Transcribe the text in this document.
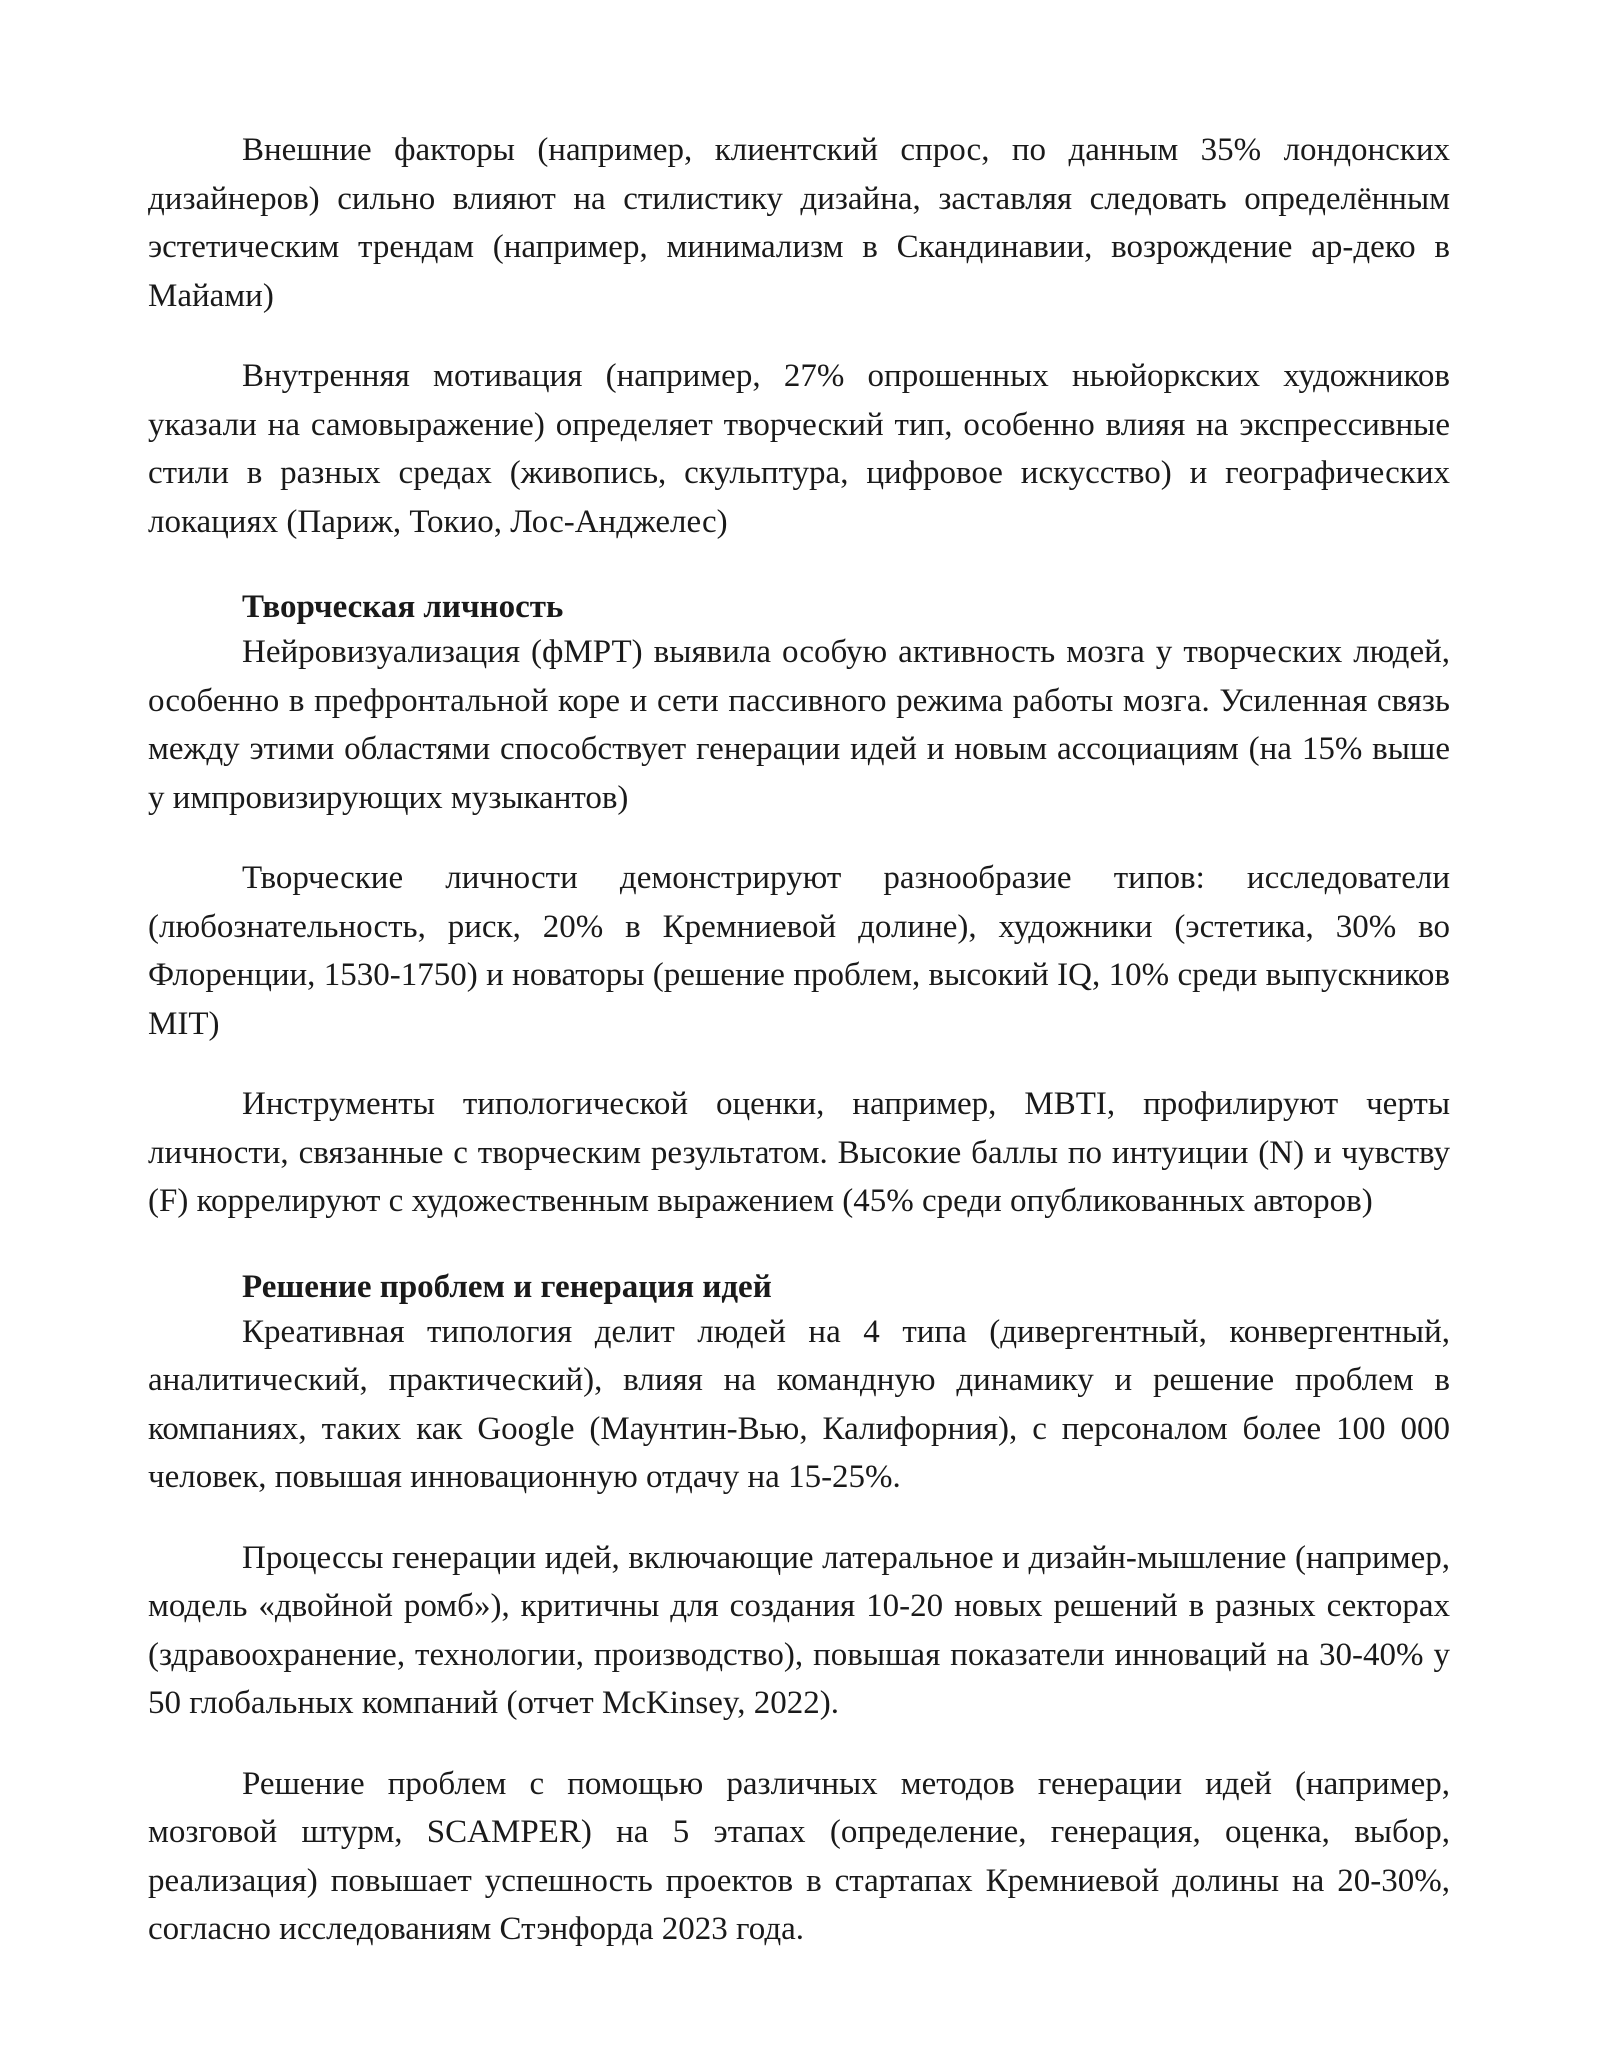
Внешние факторы (например, клиентский спрос, по данным 35% лондонских дизайнеров) сильно влияют на стилистику дизайна, заставляя следовать определённым эстетическим трендам (например, минимализм в Скандинавии, возрождение ар-деко в Майами)

Внутренняя мотивация (например, 27% опрошенных ньюйоркских художников указали на самовыражение) определяет творческий тип, особенно влияя на экспрессивные стили в разных средах (живопись, скульптура, цифровое искусство) и географических локациях (Париж, Токио, Лос-Анджелес)

Творческая личность

Нейровизуализация (фМРТ) выявила особую активность мозга у творческих людей, особенно в префронтальной коре и сети пассивного режима работы мозга. Усиленная связь между этими областями способствует генерации идей и новым ассоциациям (на 15% выше у импровизирующих музыкантов)

Творческие личности демонстрируют разнообразие типов: исследователи (любознательность, риск, 20% в Кремниевой долине), художники (эстетика, 30% во Флоренции, 1530-1750) и новаторы (решение проблем, высокий IQ, 10% среди выпускников MIT)

Инструменты типологической оценки, например, MBTI, профилируют черты личности, связанные с творческим результатом. Высокие баллы по интуиции (N) и чувству (F) коррелируют с художественным выражением (45% среди опубликованных авторов)

Решение проблем и генерация идей

Креативная типология делит людей на 4 типа (дивергентный, конвергентный, аналитический, практический), влияя на командную динамику и решение проблем в компаниях, таких как Google (Маунтин-Вью, Калифорния), с персоналом более 100 000 человек, повышая инновационную отдачу на 15-25%.

Процессы генерации идей, включающие латеральное и дизайн-мышление (например, модель «двойной ромб»), критичны для создания 10-20 новых решений в разных секторах (здравоохранение, технологии, производство), повышая показатели инноваций на 30-40% у 50 глобальных компаний (отчет McKinsey, 2022).

Решение проблем с помощью различных методов генерации идей (например, мозговой штурм, SCAMPER) на 5 этапах (определение, генерация, оценка, выбор, реализация) повышает успешность проектов в стартапах Кремниевой долины на 20-30%, согласно исследованиям Стэнфорда 2023 года.
